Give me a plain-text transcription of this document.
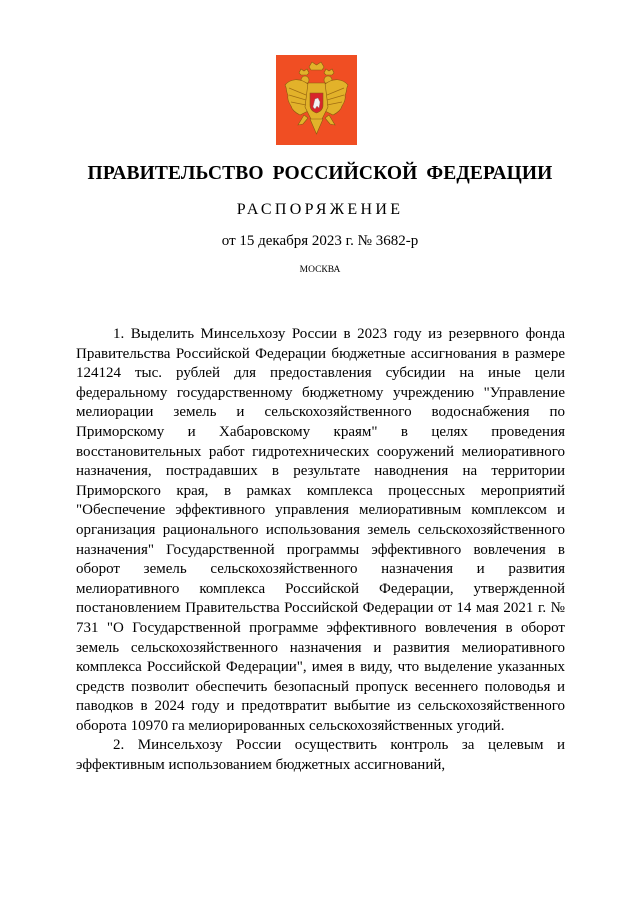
ПРАВИТЕЛЬСТВО РОССИЙСКОЙ ФЕДЕРАЦИИ
РАСПОРЯЖЕНИЕ
от 15 декабря 2023 г. № 3682-р
МОСКВА

1. Выделить Минсельхозу России в 2023 году из резервного фонда Правительства Российской Федерации бюджетные ассигнования в размере 124124 тыс. рублей для предоставления субсидии на иные цели федеральному государственному бюджетному учреждению "Управление мелиорации земель и сельскохозяйственного водоснабжения по Приморскому и Хабаровскому краям" в целях проведения восстановительных работ гидротехнических сооружений мелиоративного назначения, пострадавших в результате наводнения на территории Приморского края, в рамках комплекса процессных мероприятий "Обеспечение эффективного управления мелиоративным комплексом и организация рационального использования земель сельскохозяйственного назначения" Государственной программы эффективного вовлечения в оборот земель сельскохозяйственного назначения и развития мелиоративного комплекса Российской Федерации, утвержденной постановлением Правительства Российской Федерации от 14 мая 2021 г. № 731 "О Государственной программе эффективного вовлечения в оборот земель сельскохозяйственного назначения и развития мелиоративного комплекса Российской Федерации", имея в виду, что выделение указанных средств позволит обеспечить безопасный пропуск весеннего половодья и паводков в 2024 году и предотвратит выбытие из сельскохозяйственного оборота 10970 га мелиорированных сельскохозяйственных угодий.

2. Минсельхозу России осуществить контроль за целевым и эффективным использованием бюджетных ассигнований,
